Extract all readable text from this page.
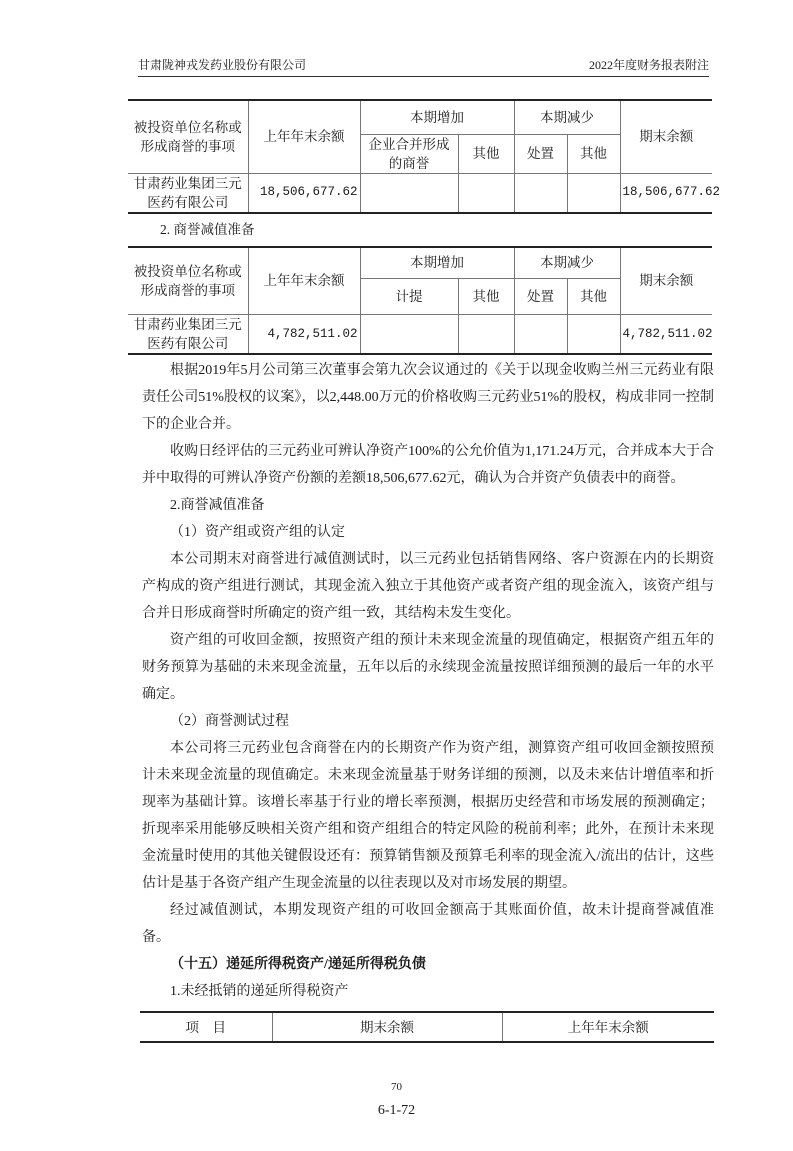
甘肃陇神戎发药业股份有限公司	2022年度财务报表附注
被投资单位名称或形成商誉的事项	上年年末余额	本期增加		本期减少		期末余额
		企业合并形成的商誉	其他	处置	其他	
甘肃药业集团三元医药有限公司	18,506,677.62					18,506,677.62
2. 商誉减值准备
被投资单位名称或形成商誉的事项	上年年末余额	本期增加		本期减少		期末余额
		计提	其他	处置	其他	
甘肃药业集团三元医药有限公司	4,782,511.02					4,782,511.02

根据2019年5月公司第三次董事会第九次会议通过的《关于以现金收购兰州三元药业有限责任公司51%股权的议案》，以2,448.00万元的价格收购三元药业51%的股权，构成非同一控制下的企业合并。

收购日经评估的三元药业可辨认净资产100%的公允价值为1,171.24万元，合并成本大于合并中取得的可辨认净资产份额的差额18,506,677.62元，确认为合并资产负债表中的商誉。

2.商誉减值准备

（1）资产组或资产组的认定

本公司期末对商誉进行减值测试时，以三元药业包括销售网络、客户资源在内的长期资产构成的资产组进行测试，其现金流入独立于其他资产或者资产组的现金流入，该资产组与合并日形成商誉时所确定的资产组一致，其结构未发生变化。

资产组的可收回金额，按照资产组的预计未来现金流量的现值确定，根据资产组五年的财务预算为基础的未来现金流量，五年以后的永续现金流量按照详细预测的最后一年的水平确定。

（2）商誉测试过程

本公司将三元药业包含商誉在内的长期资产作为资产组，测算资产组可收回金额按照预计未来现金流量的现值确定。未来现金流量基于财务详细的预测，以及未来估计增值率和折现率为基础计算。该增长率基于行业的增长率预测，根据历史经营和市场发展的预测确定；折现率采用能够反映相关资产组和资产组组合的特定风险的税前利率；此外，在预计未来现金流量时使用的其他关键假设还有：预算销售额及预算毛利率的现金流入/流出的估计，这些估计是基于各资产组产生现金流量的以往表现以及对市场发展的期望。

经过减值测试，本期发现资产组的可收回金额高于其账面价值，故未计提商誉减值准备。

（十五）递延所得税资产/递延所得税负债

1.未经抵销的递延所得税资产

项　目	期末余额	上年年末余额
70
6-1-72
